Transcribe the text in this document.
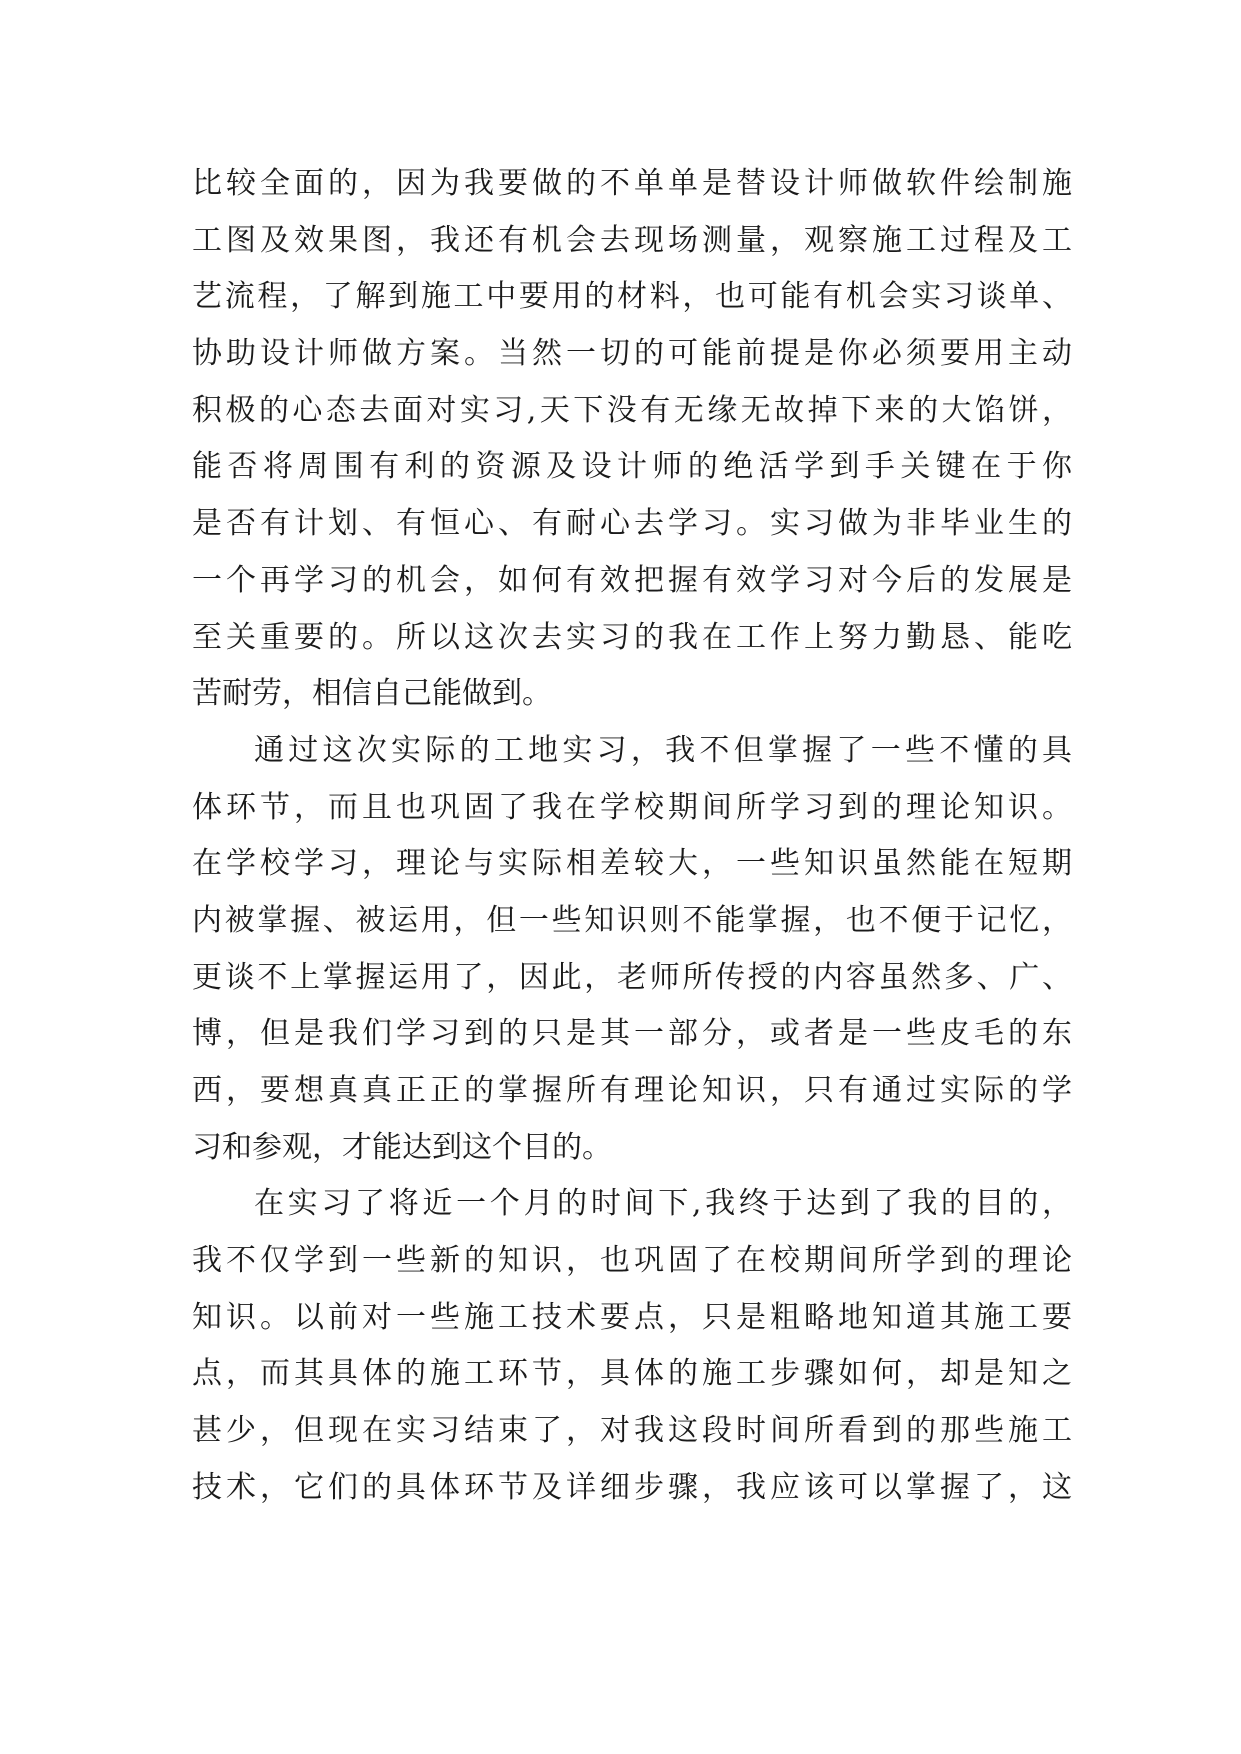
比较全面的，因为我要做的不单单是替设计师做软件绘制施
工图及效果图，我还有机会去现场测量，观察施工过程及工
艺流程，了解到施工中要用的材料，也可能有机会实习谈单、
协助设计师做方案。当然一切的可能前提是你必须要用主动
积极的心态去面对实习,天下没有无缘无故掉下来的大馅饼，
能否将周围有利的资源及设计师的绝活学到手关键在于你
是否有计划、有恒心、有耐心去学习。实习做为非毕业生的
一个再学习的机会，如何有效把握有效学习对今后的发展是
至关重要的。所以这次去实习的我在工作上努力勤恳、能吃
苦耐劳，相信自己能做到。
通过这次实际的工地实习，我不但掌握了一些不懂的具
体环节，而且也巩固了我在学校期间所学习到的理论知识。
在学校学习，理论与实际相差较大，一些知识虽然能在短期
内被掌握、被运用，但一些知识则不能掌握，也不便于记忆，
更谈不上掌握运用了，因此，老师所传授的内容虽然多、广、
博，但是我们学习到的只是其一部分，或者是一些皮毛的东
西，要想真真正正的掌握所有理论知识，只有通过实际的学
习和参观，才能达到这个目的。
在实习了将近一个月的时间下,我终于达到了我的目的，
我不仅学到一些新的知识，也巩固了在校期间所学到的理论
知识。以前对一些施工技术要点，只是粗略地知道其施工要
点，而其具体的施工环节，具体的施工步骤如何，却是知之
甚少，但现在实习结束了，对我这段时间所看到的那些施工
技术，它们的具体环节及详细步骤，我应该可以掌握了，这
